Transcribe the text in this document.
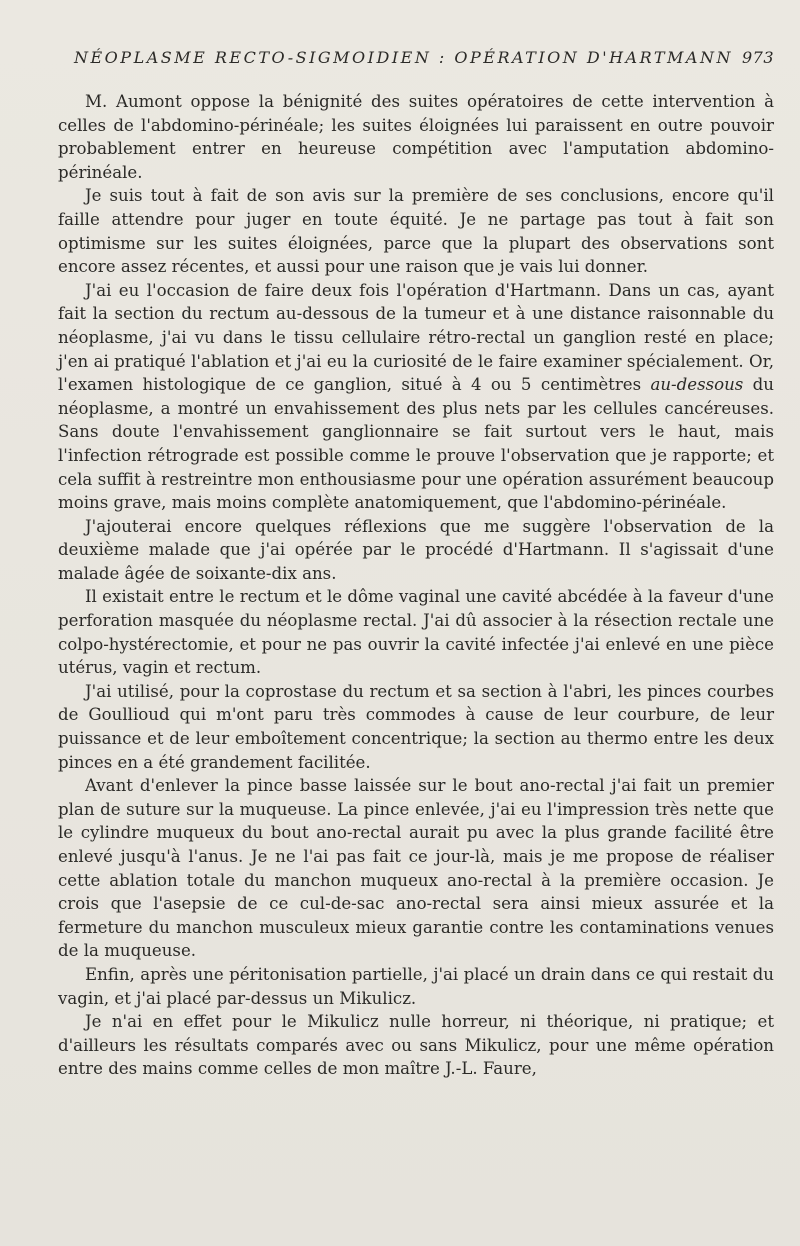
NÉOPLASME RECTO-SIGMOIDIEN : OPÉRATION D'HARTMANN 973

M. Aumont oppose la bénignité des suites opératoires de cette intervention à celles de l'abdomino-périnéale; les suites éloignées lui paraissent en outre pouvoir probablement entrer en heureuse compétition avec l'amputation abdomino-périnéale.

Je suis tout à fait de son avis sur la première de ses conclusions, encore qu'il faille attendre pour juger en toute équité. Je ne partage pas tout à fait son optimisme sur les suites éloignées, parce que la plupart des observations sont encore assez récentes, et aussi pour une raison que je vais lui donner.

J'ai eu l'occasion de faire deux fois l'opération d'Hartmann. Dans un cas, ayant fait la section du rectum au-dessous de la tumeur et à une distance raisonnable du néoplasme, j'ai vu dans le tissu cellulaire rétro-rectal un ganglion resté en place; j'en ai pratiqué l'ablation et j'ai eu la curiosité de le faire examiner spécialement. Or, l'examen histologique de ce ganglion, situé à 4 ou 5 centimètres au-dessous du néoplasme, a montré un envahissement des plus nets par les cellules cancéreuses. Sans doute l'envahissement ganglionnaire se fait surtout vers le haut, mais l'infection rétrograde est possible comme le prouve l'observation que je rapporte; et cela suffit à restreintre mon enthousiasme pour une opération assurément beaucoup moins grave, mais moins complète anatomiquement, que l'abdomino-périnéale.

J'ajouterai encore quelques réflexions que me suggère l'observation de la deuxième malade que j'ai opérée par le procédé d'Hartmann. Il s'agissait d'une malade âgée de soixante-dix ans.

Il existait entre le rectum et le dôme vaginal une cavité abcédée à la faveur d'une perforation masquée du néoplasme rectal. J'ai dû associer à la résection rectale une colpo-hystérectomie, et pour ne pas ouvrir la cavité infectée j'ai enlevé en une pièce utérus, vagin et rectum.

J'ai utilisé, pour la coprostase du rectum et sa section à l'abri, les pinces courbes de Goullioud qui m'ont paru très commodes à cause de leur courbure, de leur puissance et de leur emboîtement concentrique; la section au thermo entre les deux pinces en a été grandement facilitée.

Avant d'enlever la pince basse laissée sur le bout ano-rectal j'ai fait un premier plan de suture sur la muqueuse. La pince enlevée, j'ai eu l'impression très nette que le cylindre muqueux du bout ano-rectal aurait pu avec la plus grande facilité être enlevé jusqu'à l'anus. Je ne l'ai pas fait ce jour-là, mais je me propose de réaliser cette ablation totale du manchon muqueux ano-rectal à la première occasion. Je crois que l'asepsie de ce cul-de-sac ano-rectal sera ainsi mieux assurée et la fermeture du manchon musculeux mieux garantie contre les contaminations venues de la muqueuse.

Enfin, après une péritonisation partielle, j'ai placé un drain dans ce qui restait du vagin, et j'ai placé par-dessus un Mikulicz.

Je n'ai en effet pour le Mikulicz nulle horreur, ni théorique, ni pratique; et d'ailleurs les résultats comparés avec ou sans Mikulicz, pour une même opération entre des mains comme celles de mon maître J.-L. Faure,
